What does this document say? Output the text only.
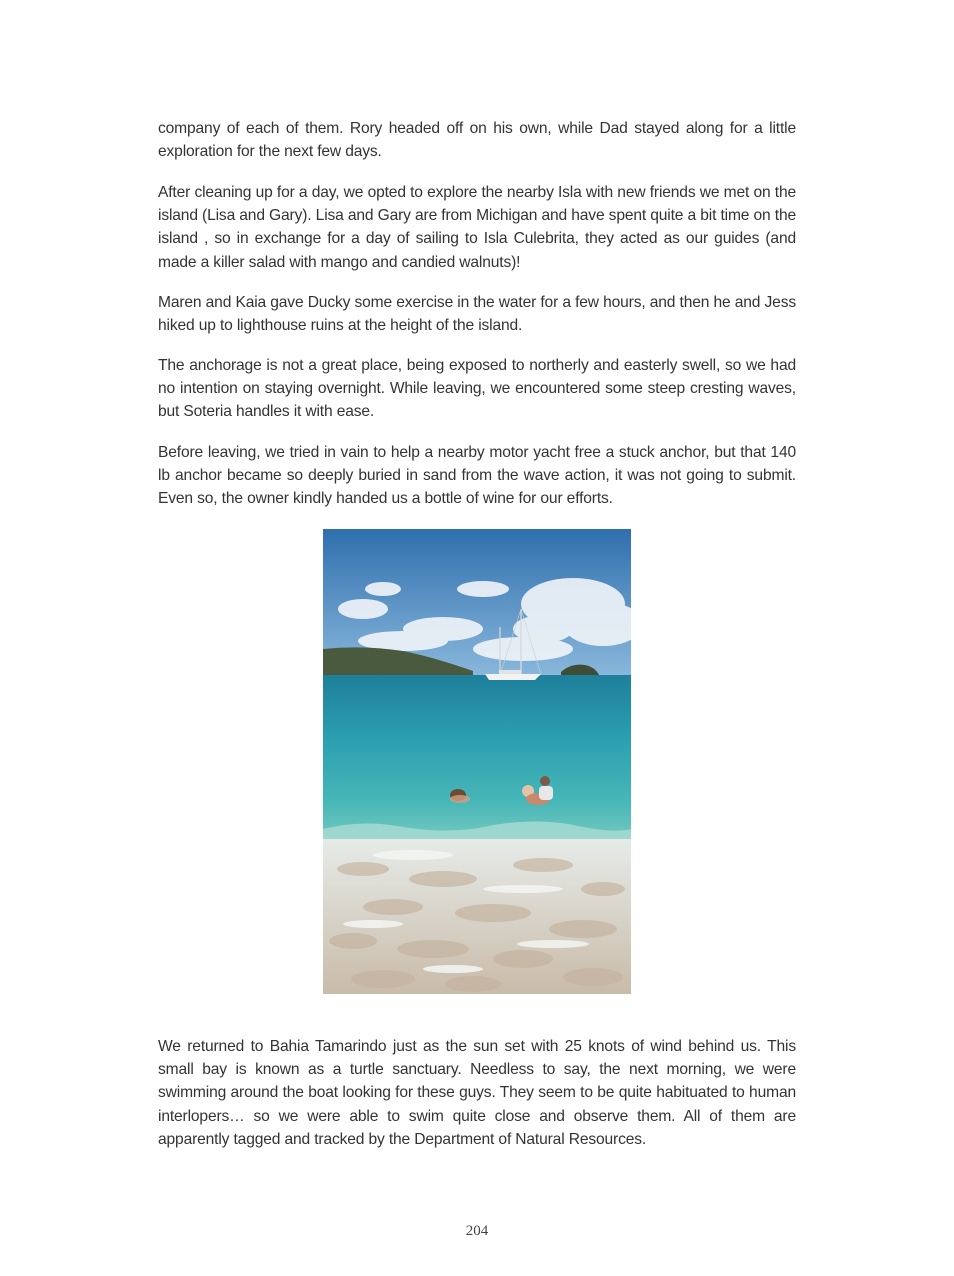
company of each of them. Rory headed off on his own, while Dad stayed along for a little exploration for the next few days.

After cleaning up for a day, we opted to explore the nearby Isla with new friends we met on the island (Lisa and Gary). Lisa and Gary are from Michigan and have spent quite a bit time on the island , so in exchange for a day of sailing to Isla Culebrita, they acted as our guides (and made a killer salad with mango and candied walnuts)!

Maren and Kaia gave Ducky some exercise in the water for a few hours, and then he and Jess hiked up to lighthouse ruins at the height of the island.

The anchorage is not a great place, being exposed to northerly and easterly swell, so we had no intention on staying overnight. While leaving, we encountered some steep cresting waves, but Soteria handles it with ease.

Before leaving, we tried in vain to help a nearby motor yacht free a stuck anchor, but that 140 lb anchor became so deeply buried in sand from the wave action, it was not going to submit. Even so, the owner kindly handed us a bottle of wine for our efforts.

We returned to Bahia Tamarindo just as the sun set with 25 knots of wind behind us. This small bay is known as a turtle sanctuary. Needless to say, the next morning, we were swimming around the boat looking for these guys. They seem to be quite habituated to human interlopers… so we were able to swim quite close and observe them. All of them are apparently tagged and tracked by the Department of Natural Resources.

204
